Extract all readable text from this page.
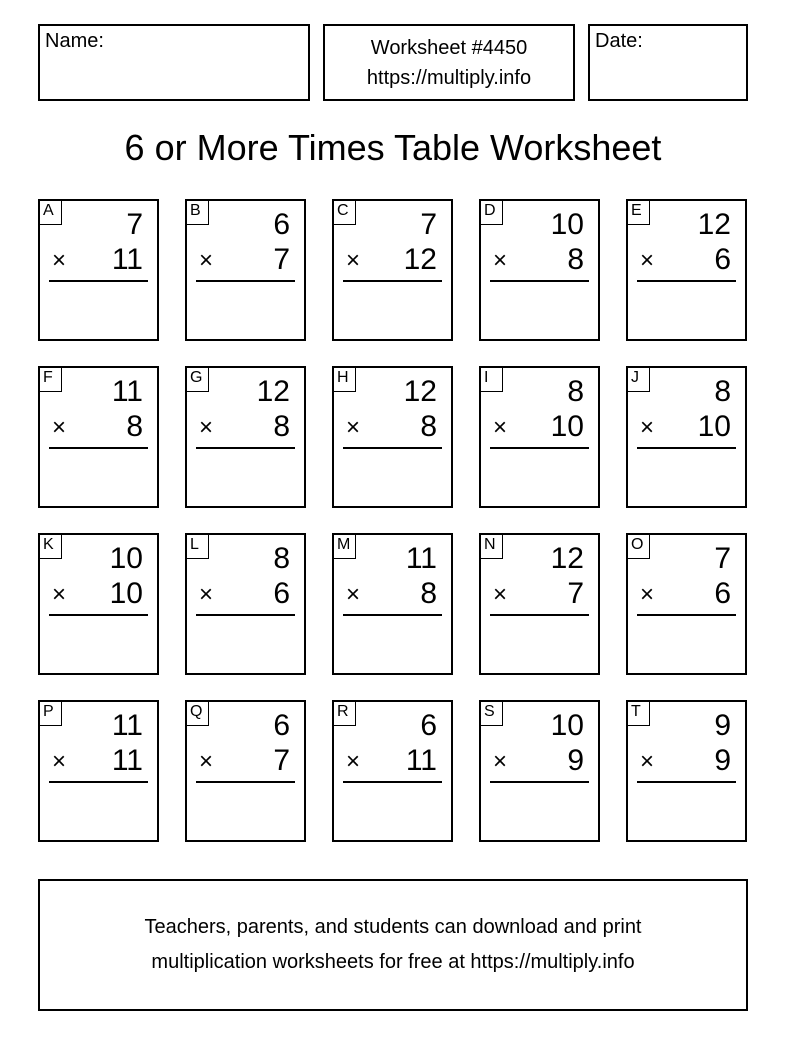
Name:	Worksheet #4450
https://multiply.info
Date:
6 or More Times Table Worksheet
A 7
× 11
B 6
× 7
C 7
× 12
D 10
× 8
E 12
× 6
F	11
× 8
G 12
× 8
H 12
× 8
I	8
× 10
J	8
× 10
K 10
× 10
L	8
× 6
M 11
× 8
N 12
× 7
O 7
× 6
P 11
× 11
Q 6
× 7
R 6
× 11
S 10
× 9
T	9
× 9
Teachers, parents, and students can download and print
multiplication worksheets for free at https://multiply.info
